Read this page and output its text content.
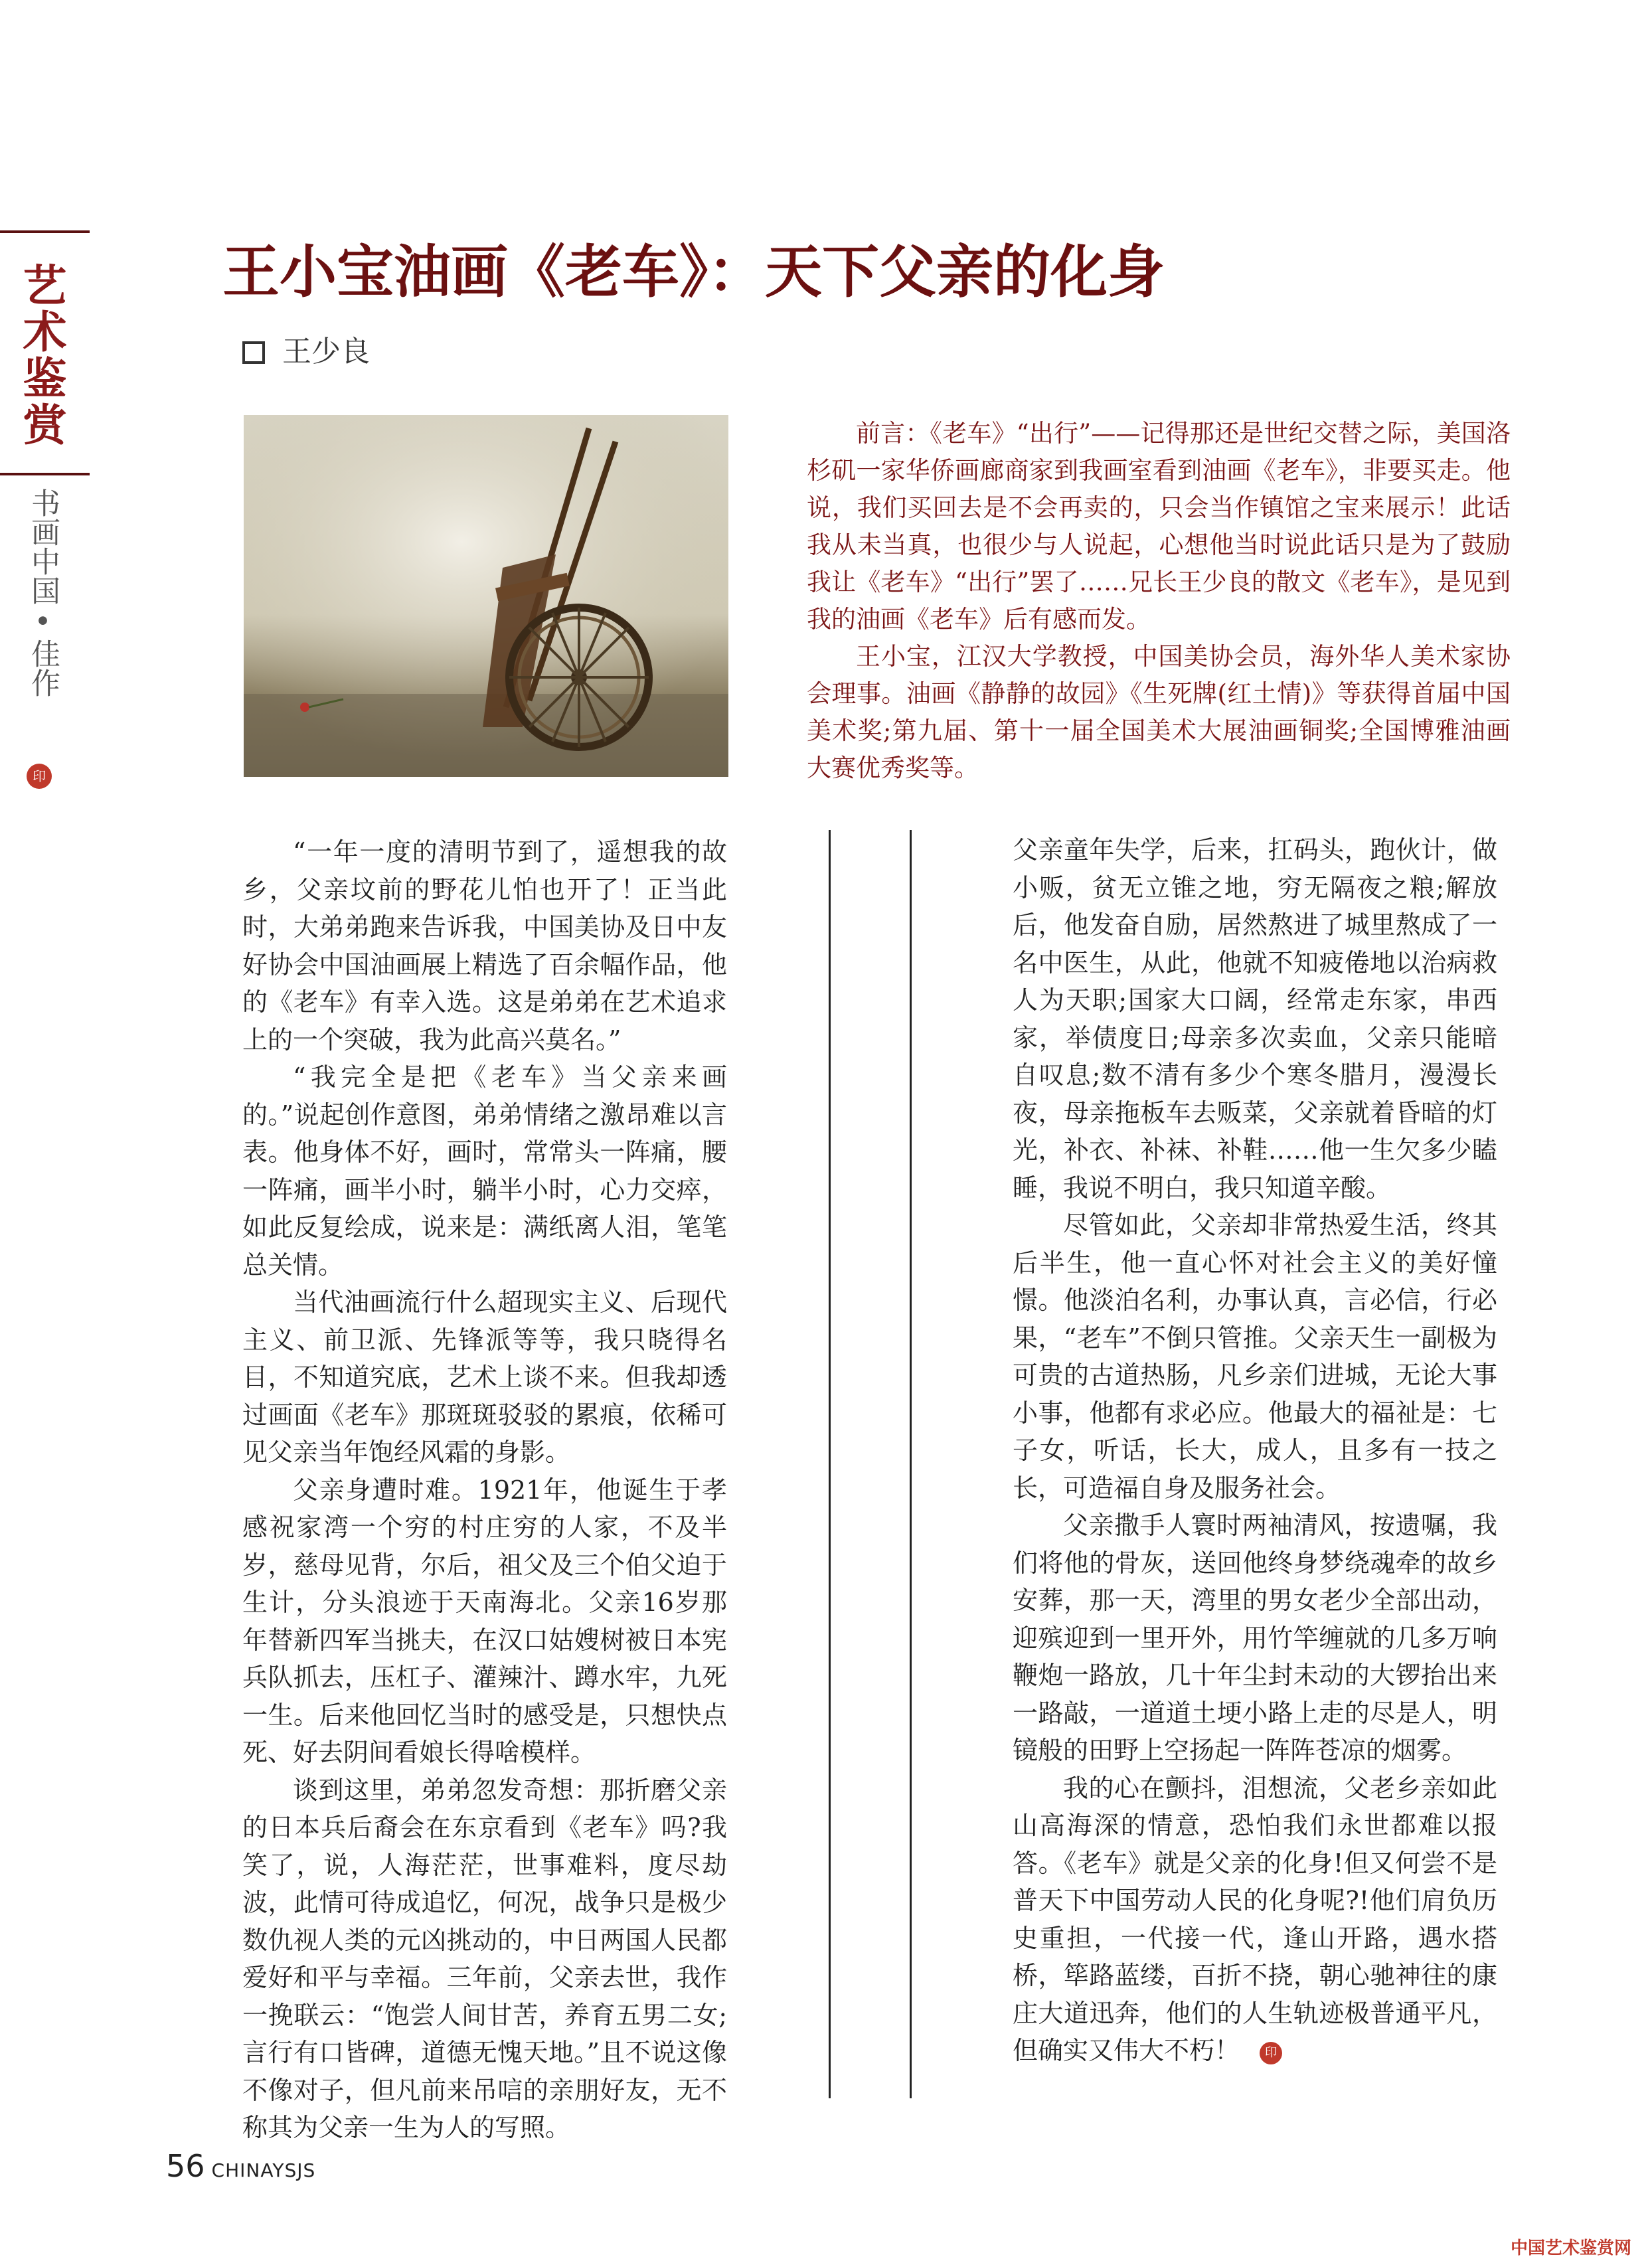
艺术鉴赏
书画中国•佳作
印
王小宝油画《老车》：天下父亲的化身
王少良

前言：《老车》“出行”——记得那还是世纪交替之际，美国洛杉矶一家华侨画廊商家到我画室看到油画《老车》，非要买走。他说，我们买回去是不会再卖的，只会当作镇馆之宝来展示！此话我从未当真，也很少与人说起，心想他当时说此话只是为了鼓励我让《老车》“出行”罢了……兄长王少良的散文《老车》，是见到我的油画《老车》后有感而发。

王小宝，江汉大学教授，中国美协会员，海外华人美术家协会理事。油画《静静的故园》《生死牌(红土情)》等获得首届中国美术奖;第九届、第十一届全国美术大展油画铜奖;全国博雅油画大赛优秀奖等。

“一年一度的清明节到了，遥想我的故乡，父亲坟前的野花儿怕也开了！正当此时，大弟弟跑来告诉我，中国美协及日中友好协会中国油画展上精选了百余幅作品，他的《老车》有幸入选。这是弟弟在艺术追求上的一个突破，我为此高兴莫名。”

“我完全是把《老车》当父亲来画的。”说起创作意图，弟弟情绪之激昂难以言表。他身体不好，画时，常常头一阵痛，腰一阵痛，画半小时，躺半小时，心力交瘁，如此反复绘成，说来是：满纸离人泪，笔笔总关情。

当代油画流行什么超现实主义、后现代主义、前卫派、先锋派等等，我只晓得名目，不知道究底，艺术上谈不来。但我却透过画面《老车》那斑斑驳驳的累痕，依稀可见父亲当年饱经风霜的身影。

父亲身遭时难。1921年，他诞生于孝感祝家湾一个穷的村庄穷的人家，不及半岁，慈母见背，尔后，祖父及三个伯父迫于生计，分头浪迹于天南海北。父亲16岁那年替新四军当挑夫，在汉口姑嫂树被日本宪兵队抓去，压杠子、灌辣汁、蹲水牢，九死一生。后来他回忆当时的感受是，只想快点死、好去阴间看娘长得啥模样。

谈到这里，弟弟忽发奇想：那折磨父亲的日本兵后裔会在东京看到《老车》吗?我笑了，说，人海茫茫，世事难料，度尽劫波，此情可待成追忆，何况，战争只是极少数仇视人类的元凶挑动的，中日两国人民都爱好和平与幸福。三年前，父亲去世，我作一挽联云：“饱尝人间甘苦，养育五男二女;言行有口皆碑，道德无愧天地。”且不说这像不像对子，但凡前来吊唁的亲朋好友，无不称其为父亲一生为人的写照。

父亲童年失学，后来，扛码头，跑伙计，做小贩，贫无立锥之地，穷无隔夜之粮;解放后，他发奋自励，居然熬进了城里熬成了一名中医生，从此，他就不知疲倦地以治病救人为天职;国家大口阔，经常走东家，串西家，举债度日;母亲多次卖血，父亲只能暗自叹息;数不清有多少个寒冬腊月，漫漫长夜，母亲拖板车去贩菜，父亲就着昏暗的灯光，补衣、补袜、补鞋……他一生欠多少瞌睡，我说不明白，我只知道辛酸。

尽管如此，父亲却非常热爱生活，终其后半生，他一直心怀对社会主义的美好憧憬。他淡泊名利，办事认真，言必信，行必果，“老车”不倒只管推。父亲天生一副极为可贵的古道热肠，凡乡亲们进城，无论大事小事，他都有求必应。他最大的福祉是：七子女，听话，长大，成人，且多有一技之长，可造福自身及服务社会。

父亲撒手人寰时两袖清风，按遗嘱，我们将他的骨灰，送回他终身梦绕魂牵的故乡安葬，那一天，湾里的男女老少全部出动，迎殡迎到一里开外，用竹竿缠就的几多万响鞭炮一路放，几十年尘封未动的大锣抬出来一路敲，一道道土埂小路上走的尽是人，明镜般的田野上空扬起一阵阵苍凉的烟雾。

我的心在颤抖，泪想流，父老乡亲如此山高海深的情意，恐怕我们永世都难以报答。《老车》就是父亲的化身!但又何尝不是普天下中国劳动人民的化身呢?!他们肩负历史重担，一代接一代，逢山开路，遇水搭桥，筚路蓝缕，百折不挠，朝心驰神往的康庄大道迅奔，他们的人生轨迹极普通平凡，但确实又伟大不朽！ 印

56 CHINAYSJS
中国艺术鉴赏网
